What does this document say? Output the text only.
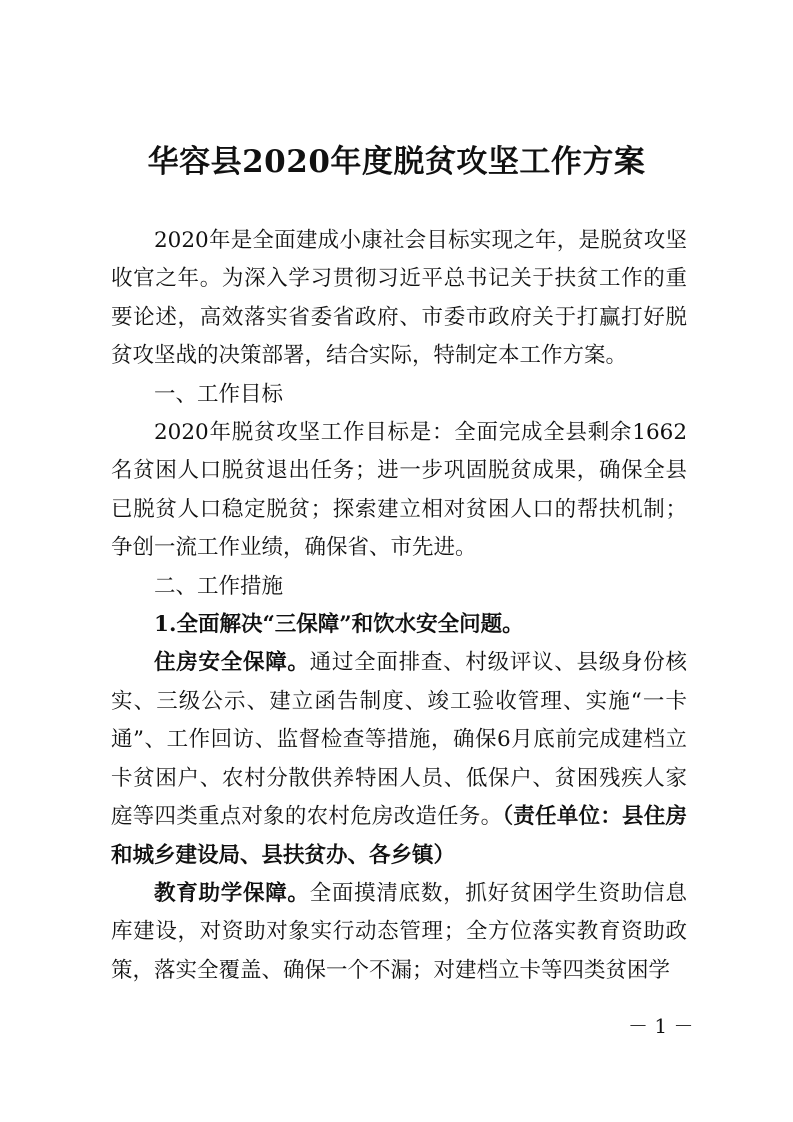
华容县2020年度脱贫攻坚工作方案

2020年是全面建成小康社会目标实现之年，是脱贫攻坚收官之年。为深入学习贯彻习近平总书记关于扶贫工作的重要论述，高效落实省委省政府、市委市政府关于打赢打好脱贫攻坚战的决策部署，结合实际，特制定本工作方案。

一、工作目标

2020年脱贫攻坚工作目标是：全面完成全县剩余1662名贫困人口脱贫退出任务；进一步巩固脱贫成果，确保全县已脱贫人口稳定脱贫；探索建立相对贫困人口的帮扶机制；争创一流工作业绩，确保省、市先进。

二、工作措施
1.全面解决“三保障”和饮水安全问题。

住房安全保障。通过全面排查、村级评议、县级身份核实、三级公示、建立函告制度、竣工验收管理、实施“一卡通”、工作回访、监督检查等措施，确保6月底前完成建档立卡贫困户、农村分散供养特困人员、低保户、贫困残疾人家庭等四类重点对象的农村危房改造任务。（责任单位：县住房和城乡建设局、县扶贫办、各乡镇）

教育助学保障。全面摸清底数，抓好贫困学生资助信息库建设，对资助对象实行动态管理；全方位落实教育资助政策，落实全覆盖、确保一个不漏；对建档立卡等四类贫困学

－ 1 －
